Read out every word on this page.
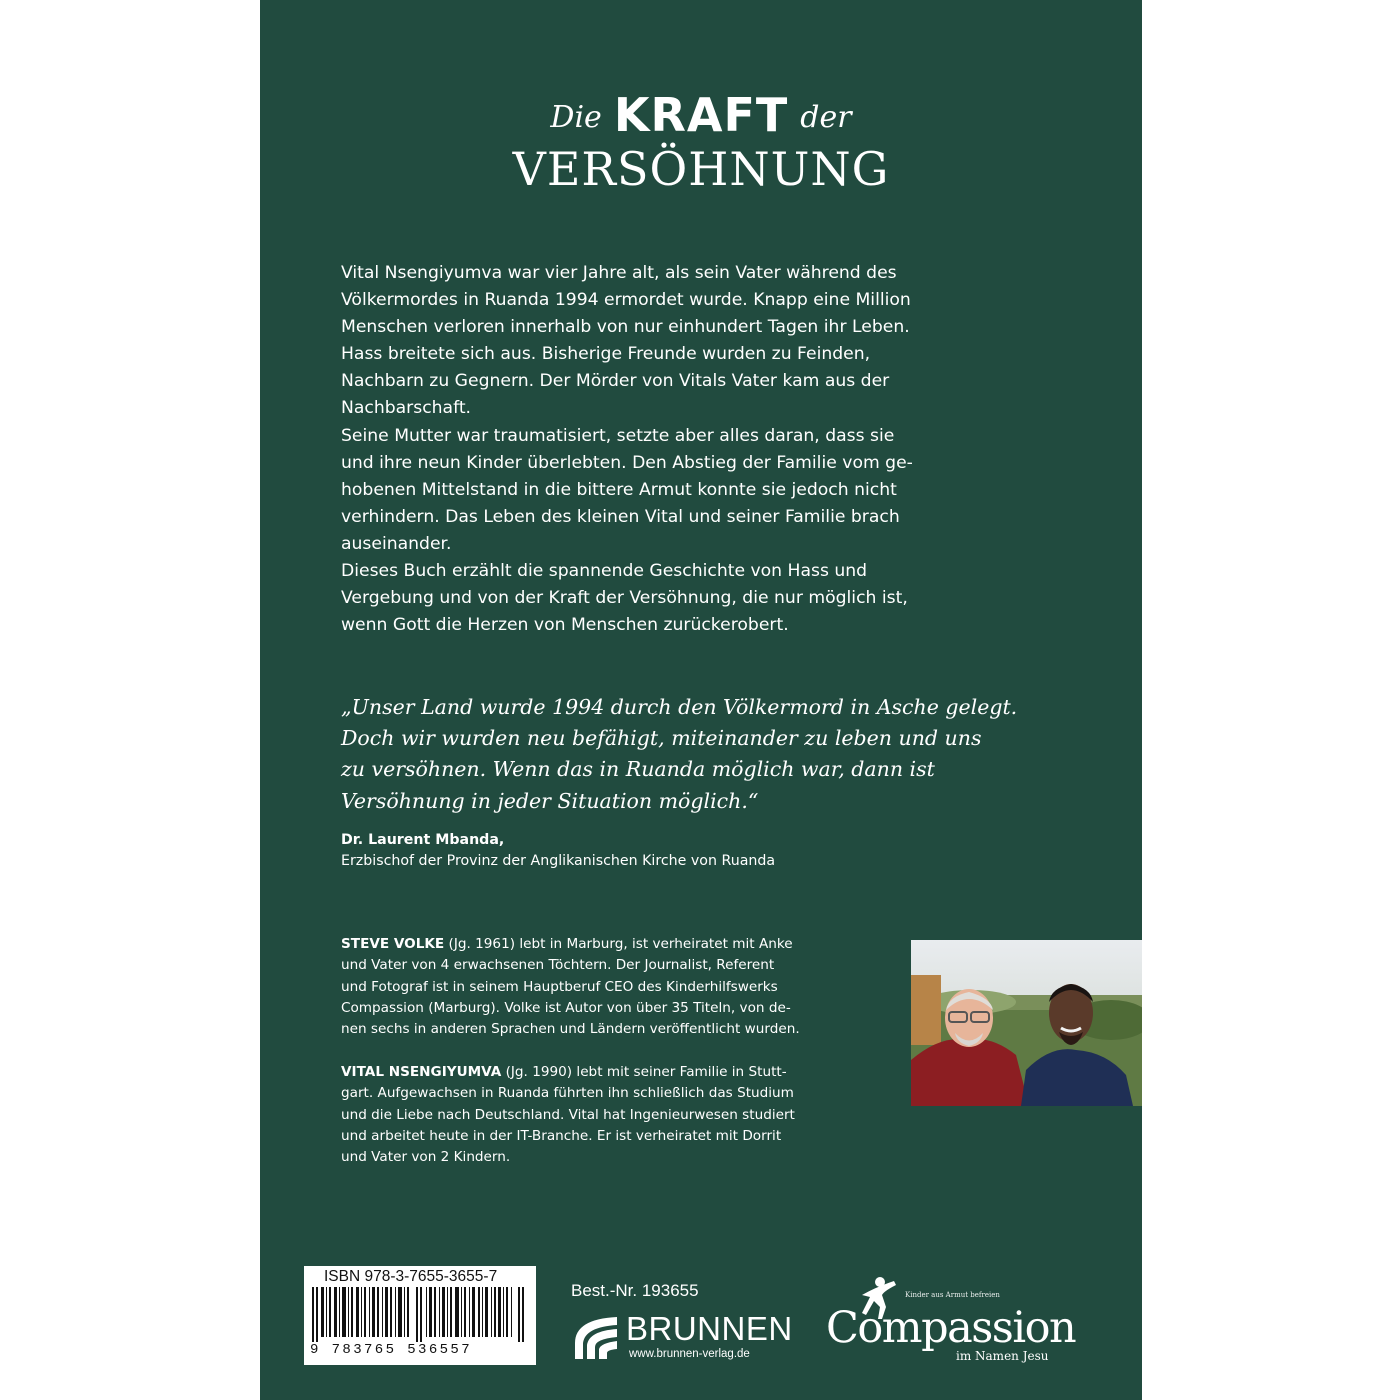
Die KRAFT der
VERSÖHNUNG

Vital Nsengiyumva war vier Jahre alt, als sein Vater während des
Völkermordes in Ruanda 1994 ermordet wurde. Knapp eine Million
Menschen verloren innerhalb von nur einhundert Tagen ihr Leben.
Hass breitete sich aus. Bisherige Freunde wurden zu Feinden,
Nachbarn zu Gegnern. Der Mörder von Vitals Vater kam aus der
Nachbarschaft.

Seine Mutter war traumatisiert, setzte aber alles daran, dass sie
und ihre neun Kinder überlebten. Den Abstieg der Familie vom ge-
hobenen Mittelstand in die bittere Armut konnte sie jedoch nicht
verhindern. Das Leben des kleinen Vital und seiner Familie brach
auseinander.

Dieses Buch erzählt die spannende Geschichte von Hass und
Vergebung und von der Kraft der Versöhnung, die nur möglich ist,
wenn Gott die Herzen von Menschen zurückerobert.

„Unser Land wurde 1994 durch den Völkermord in Asche gelegt.
Doch wir wurden neu befähigt, miteinander zu leben und uns
zu versöhnen. Wenn das in Ruanda möglich war, dann ist
Versöhnung in jeder Situation möglich.“
Dr. Laurent Mbanda,
Erzbischof der Provinz der Anglikanischen Kirche von Ruanda
STEVE VOLKE (Jg. 1961) lebt in Marburg, ist verheiratet mit Anke
und Vater von 4 erwachsenen Töchtern. Der Journalist, Referent
und Fotograf ist in seinem Hauptberuf CEO des Kinderhilfswerks
Compassion (Marburg). Volke ist Autor von über 35 Titeln, von de-
nen sechs in anderen Sprachen und Ländern veröffentlicht wurden.
VITAL NSENGIYUMVA (Jg. 1990) lebt mit seiner Familie in Stutt-
gart. Aufgewachsen in Ruanda führten ihn schließlich das Studium
und die Liebe nach Deutschland. Vital hat Ingenieurwesen studiert
und arbeitet heute in der IT-Branche. Er ist verheiratet mit Dorrit
und Vater von 2 Kindern.
ISBN 978-3-7655-3655-7
9 783765 536557
Best.-Nr. 193655
BRUNNEN
www.brunnen-verlag.de
Kinder aus Armut befreien
Compassion
im Namen Jesu
